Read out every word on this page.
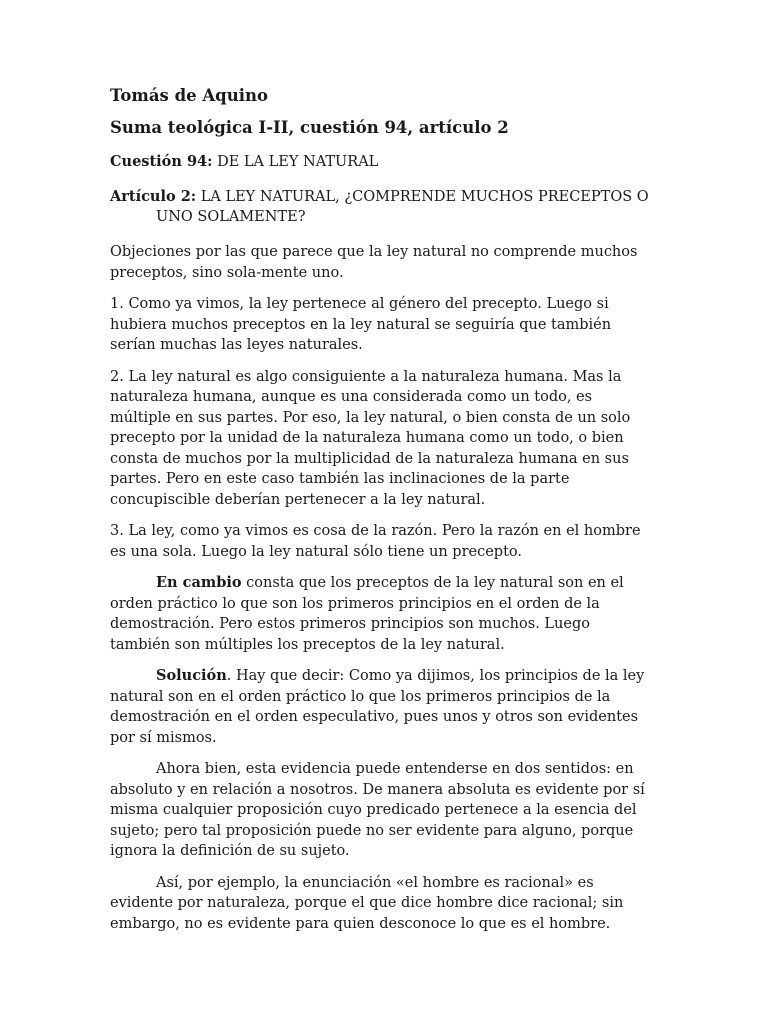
Tomás de Aquino
Suma teológica I-II, cuestión 94, artículo 2
Cuestión 94: DE LA LEY NATURAL
Artículo 2: LA LEY NATURAL, ¿COMPRENDE MUCHOS PRECEPTOS O UNO SOLAMENTE?

Objeciones por las que parece que la ley natural no comprende muchos preceptos, sino sola-mente uno.

1. Como ya vimos, la ley pertenece al género del precepto. Luego si hubiera muchos preceptos en la ley natural se seguiría que también serían muchas las leyes naturales.

2. La ley natural es algo consiguiente a la naturaleza humana. Mas la naturaleza humana, aunque es una considerada como un todo, es múltiple en sus partes. Por eso, la ley natural, o bien consta de un solo precepto por la unidad de la naturaleza humana como un todo, o bien consta de muchos por la multiplicidad de la naturaleza humana en sus partes. Pero en este caso también las inclinaciones de la parte concupiscible deberían pertenecer a la ley natural.

3. La ley, como ya vimos es cosa de la razón. Pero la razón en el hombre es una sola. Luego la ley natural sólo tiene un precepto.

En cambio consta que los preceptos de la ley natural son en el orden práctico lo que son los primeros principios en el orden de la demostración. Pero estos primeros principios son muchos. Luego también son múltiples los preceptos de la ley natural.

Solución. Hay que decir: Como ya dijimos, los principios de la ley natural son en el orden práctico lo que los primeros principios de la demostración en el orden especulativo, pues unos y otros son evidentes por sí mismos.

Ahora bien, esta evidencia puede entenderse en dos sentidos: en absoluto y en relación a nosotros. De manera absoluta es evidente por sí misma cualquier proposición cuyo predicado pertenece a la esencia del sujeto; pero tal proposición puede no ser evidente para alguno, porque ignora la definición de su sujeto.

Así, por ejemplo, la enunciación «el hombre es racional» es evidente por naturaleza, porque el que dice hombre dice racional; sin embargo, no es evidente para quien desconoce lo que es el hombre.
